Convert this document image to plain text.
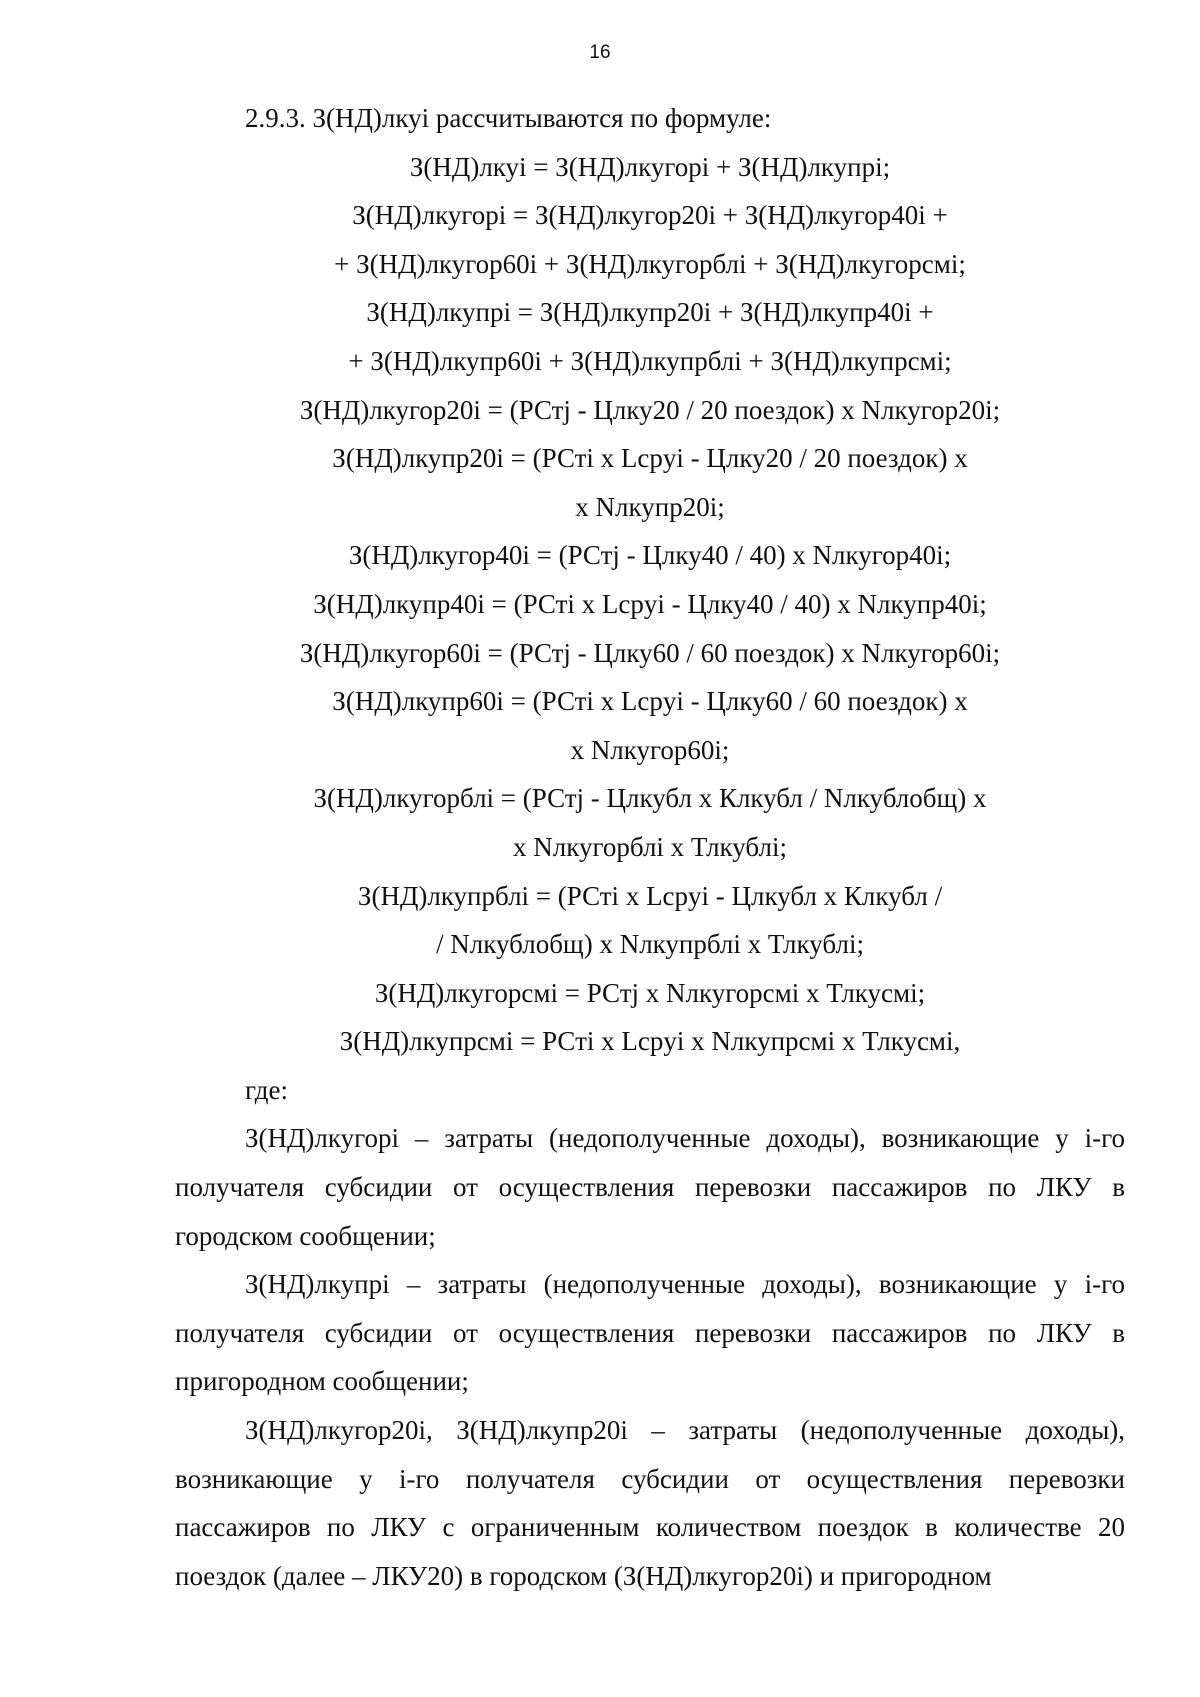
16
2.9.3. З(НД)лкуi рассчитываются по формуле:
З(НД)лкуi = З(НД)лкугорi + З(НД)лкупрi;
З(НД)лкугорi = З(НД)лкугор20i + З(НД)лкугор40i +
+ З(НД)лкугор60i + З(НД)лкугорблi + З(НД)лкугорсмi;
З(НД)лкупрi = З(НД)лкупр20i + З(НД)лкупр40i +
+ З(НД)лкупр60i + З(НД)лкупрблi + З(НД)лкупрсмi;
З(НД)лкугор20i = (РСтj - Цлку20 / 20 поездок) x Nлкугор20i;
З(НД)лкупр20i = (РСтi x Lсрyi - Цлку20 / 20 поездок) x
x Nлкупр20i;
З(НД)лкугор40i = (РСтj - Цлку40 / 40) x Nлкугор40i;
З(НД)лкупр40i = (РСтi x Lсрyi - Цлку40 / 40) x Nлкупр40i;
З(НД)лкугор60i = (РСтj - Цлку60 / 60 поездок) x Nлкугор60i;
З(НД)лкупр60i = (РСтi x Lсрyi - Цлку60 / 60 поездок) x
x Nлкугор60i;
З(НД)лкугорблi = (РСтj - Цлкубл x Клкубл / Nлкублобщ) x
x Nлкугорблi x Тлкублi;
З(НД)лкупрблi = (РСтi x Lсрyi - Цлкубл x Клкубл /
/ Nлкублобщ) x Nлкупрблi x Тлкублi;
З(НД)лкугорсмi = РСтj x Nлкугорсмi x Тлкусмi;
З(НД)лкупрсмi = РСтi x Lсрyi x Nлкупрсмi x Тлкусмi,
где:

З(НД)лкугорi – затраты (недополученные доходы), возникающие у i-го получателя субсидии от осуществления перевозки пассажиров по ЛКУ в городском сообщении;

З(НД)лкупрi – затраты (недополученные доходы), возникающие у i-го получателя субсидии от осуществления перевозки пассажиров по ЛКУ в пригородном сообщении;

З(НД)лкугор20i, З(НД)лкупр20i – затраты (недополученные доходы), возникающие у i-го получателя субсидии от осуществления перевозки пассажиров по ЛКУ с ограниченным количеством поездок в количестве 20 поездок (далее – ЛКУ20) в городском (З(НД)лкугор20i) и пригородном
